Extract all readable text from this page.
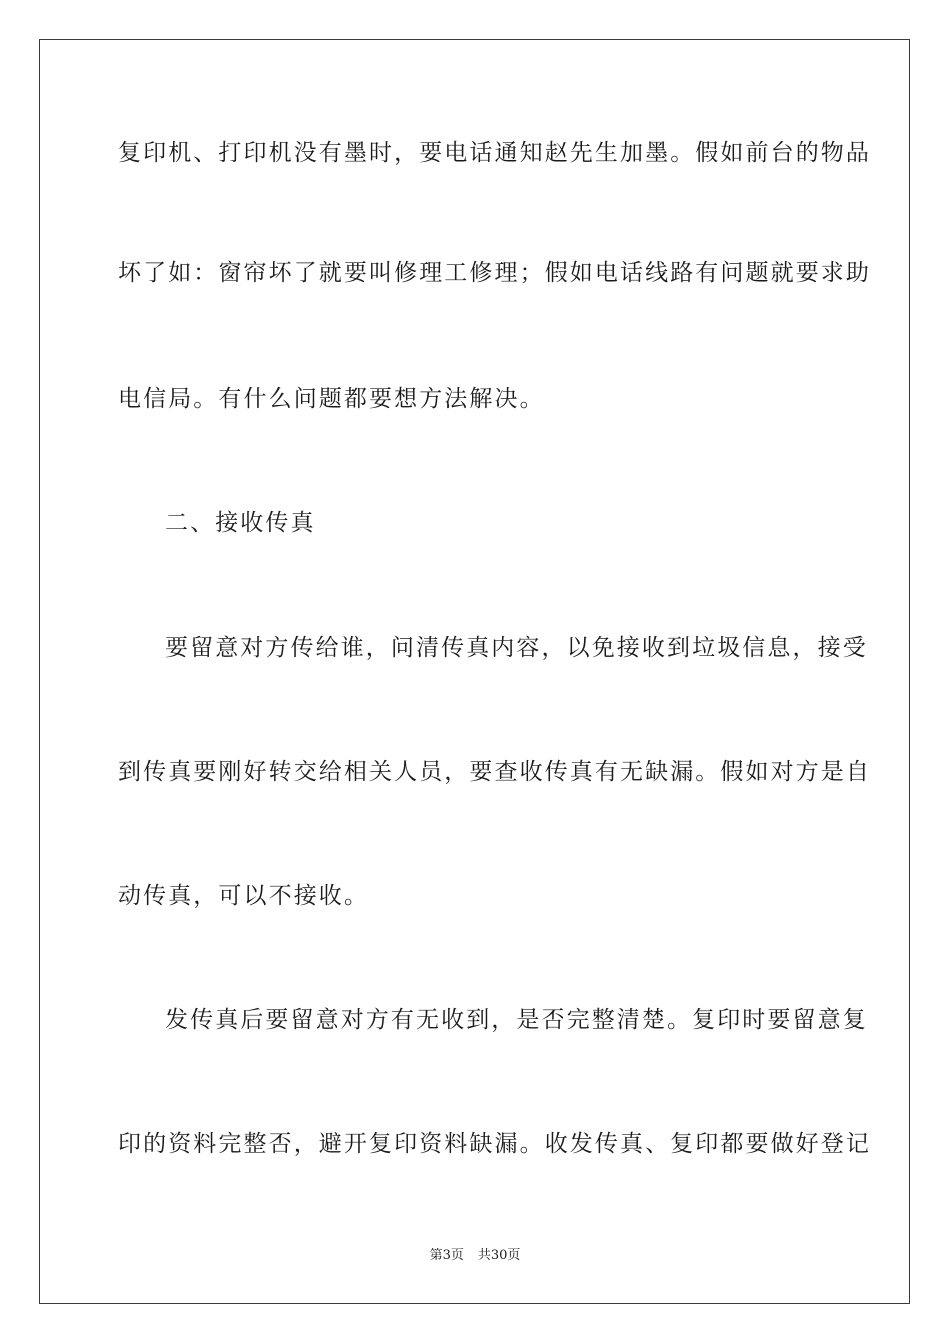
复印机、打印机没有墨时，要电话通知赵先生加墨。假如前台的物品
坏了如：窗帘坏了就要叫修理工修理；假如电话线路有问题就要求助
电信局。有什么问题都要想方法解决。
二、接收传真
要留意对方传给谁，问清传真内容，以免接收到垃圾信息，接受
到传真要刚好转交给相关人员，要查收传真有无缺漏。假如对方是自
动传真，可以不接收。
发传真后要留意对方有无收到，是否完整清楚。复印时要留意复
印的资料完整否，避开复印资料缺漏。收发传真、复印都要做好登记
第3页 共30页
